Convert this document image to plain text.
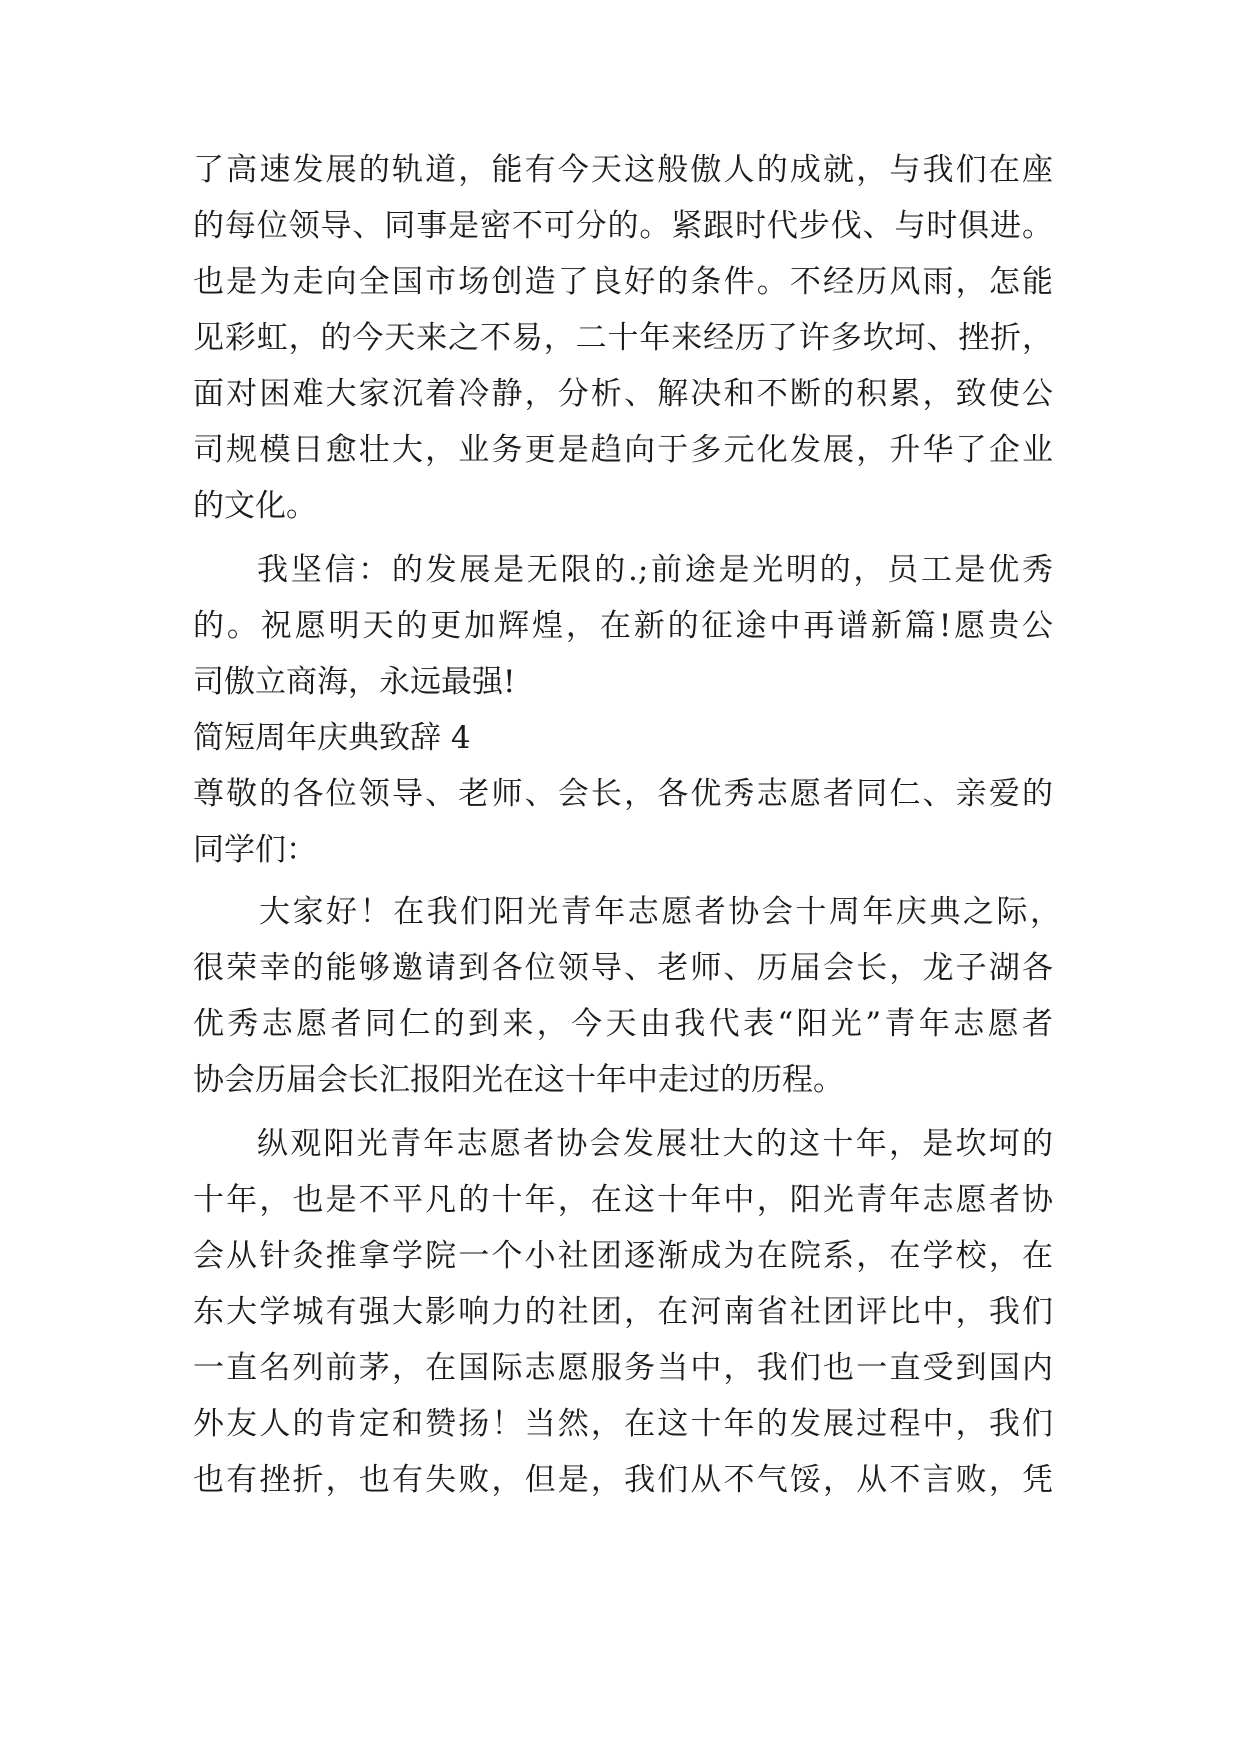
了高速发展的轨道，能有今天这般傲人的成就，与我们在座
的每位领导、同事是密不可分的。紧跟时代步伐、与时俱进。
也是为走向全国市场创造了良好的条件。不经历风雨，怎能
见彩虹，的今天来之不易，二十年来经历了许多坎坷、挫折，
面对困难大家沉着冷静，分析、解决和不断的积累，致使公
司规模日愈壮大，业务更是趋向于多元化发展，升华了企业
的文化。
我坚信：的发展是无限的.;前途是光明的，员工是优秀
的。祝愿明天的更加辉煌，在新的征途中再谱新篇!愿贵公
司傲立商海，永远最强!
简短周年庆典致辞 4
尊敬的各位领导、老师、会长，各优秀志愿者同仁、亲爱的
同学们：
大家好！在我们阳光青年志愿者协会十周年庆典之际，
很荣幸的能够邀请到各位领导、老师、历届会长，龙子湖各
优秀志愿者同仁的到来，今天由我代表“阳光”青年志愿者
协会历届会长汇报阳光在这十年中走过的历程。
纵观阳光青年志愿者协会发展壮大的这十年，是坎坷的
十年，也是不平凡的十年，在这十年中，阳光青年志愿者协
会从针灸推拿学院一个小社团逐渐成为在院系，在学校，在
东大学城有强大影响力的社团，在河南省社团评比中，我们
一直名列前茅，在国际志愿服务当中，我们也一直受到国内
外友人的肯定和赞扬！当然，在这十年的发展过程中，我们
也有挫折，也有失败，但是，我们从不气馁，从不言败，凭
